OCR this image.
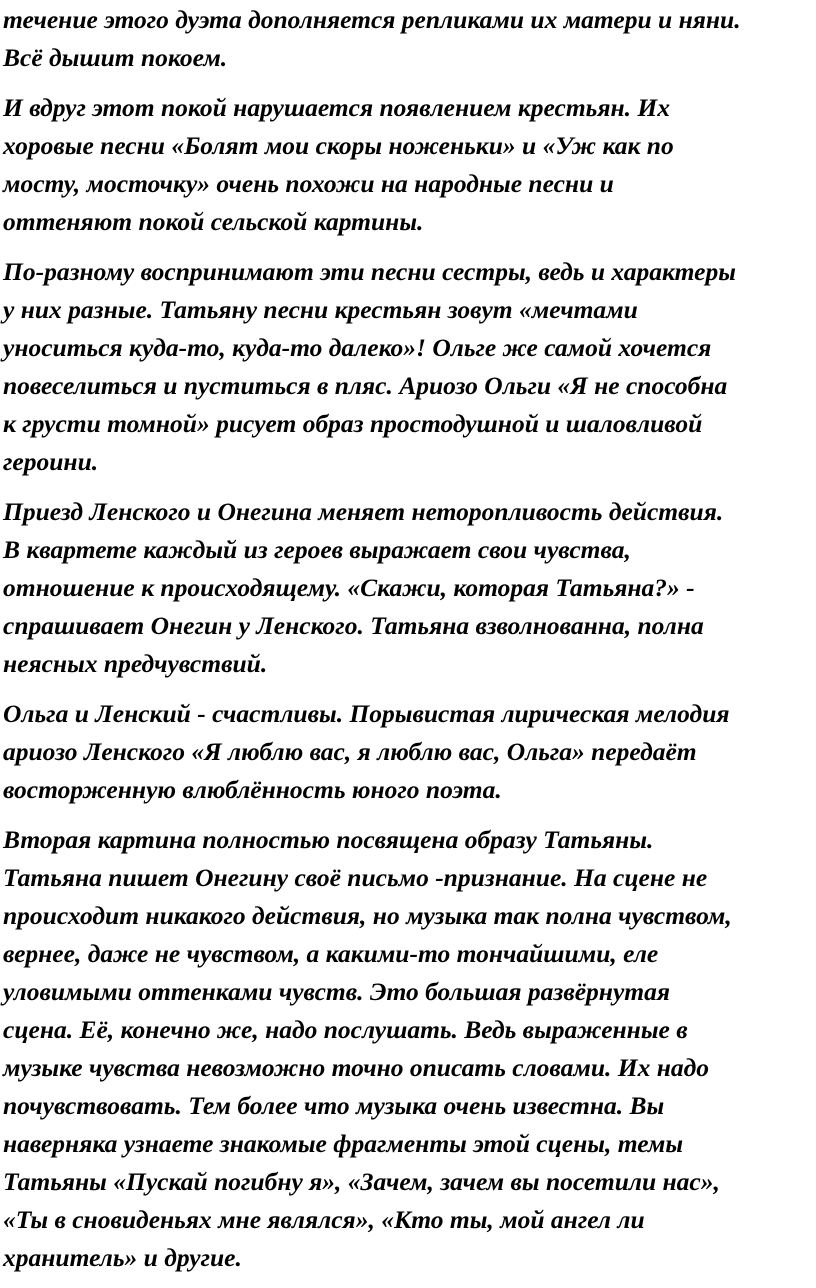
течение этого дуэта дополняется репликами их матери и няни.
Всё дышит покоем.
И вдруг этот покой нарушается появлением крестьян. Их
хоровые песни «Болят мои скоры ноженьки» и «Уж как по
мосту, мосточку» очень похожи на народные песни и
оттеняют покой сельской картины.
По-разному воспринимают эти песни сестры, ведь и характеры
у них разные. Татьяну песни крестьян зовут «мечтами
уноситься куда-то, куда-то далеко»! Ольге же самой хочется
повеселиться и пуститься в пляс. Ариозо Ольги «Я не способна
к грусти томной» рисует образ простодушной и шаловливой
героини.
Приезд Ленского и Онегина меняет неторопливость действия.
В квартете каждый из героев выражает свои чувства,
отношение к происходящему. «Скажи, которая Татьяна?» -
спрашивает Онегин у Ленского. Татьяна взволнованна, полна
неясных предчувствий.
Ольга и Ленский - счастливы. Порывистая лирическая мелодия
ариозо Ленского «Я люблю вас, я люблю вас, Ольга» передаёт
восторженную влюблённость юного поэта.
Вторая картина полностью посвящена образу Татьяны.
Татьяна пишет Онегину своё письмо -признание. На сцене не
происходит никакого действия, но музыка так полна чувством,
вернее, даже не чувством, а какими-то тончайшими, еле
уловимыми оттенками чувств. Это большая развёрнутая
сцена. Её, конечно же, надо послушать. Ведь выраженные в
музыке чувства невозможно точно описать словами. Их надо
почувствовать. Тем более что музыка очень известна. Вы
наверняка узнаете знакомые фрагменты этой сцены, темы
Татьяны «Пускай погибну я», «Зачем, зачем вы посетили нас»,
«Ты в сновиденьях мне являлся», «Кто ты, мой ангел ли
хранитель» и другие.
